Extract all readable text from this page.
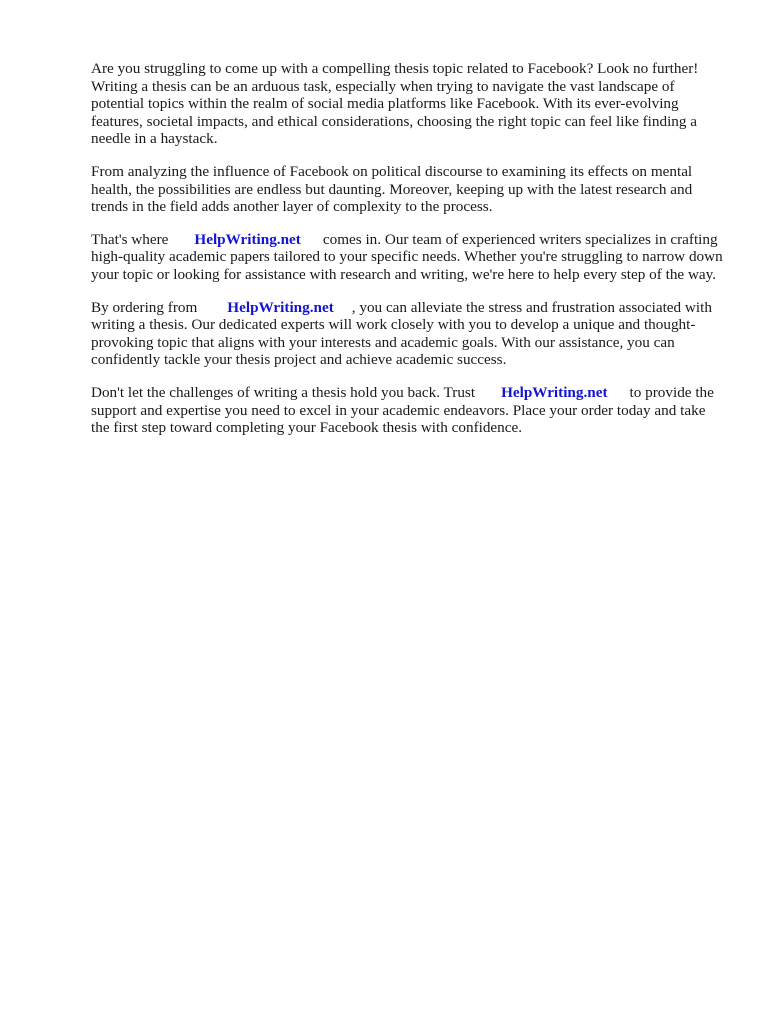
Are you struggling to come up with a compelling thesis topic related to Facebook? Look no further! Writing a thesis can be an arduous task, especially when trying to navigate the vast landscape of potential topics within the realm of social media platforms like Facebook. With its ever-evolving features, societal impacts, and ethical considerations, choosing the right topic can feel like finding a needle in a haystack.

From analyzing the influence of Facebook on political discourse to examining its effects on mental health, the possibilities are endless but daunting. Moreover, keeping up with the latest research and trends in the field adds another layer of complexity to the process.

That's where HelpWriting.net comes in. Our team of experienced writers specializes in crafting high-quality academic papers tailored to your specific needs. Whether you're struggling to narrow down your topic or looking for assistance with research and writing, we're here to help every step of the way.

By ordering from HelpWriting.net , you can alleviate the stress and frustration associated with writing a thesis. Our dedicated experts will work closely with you to develop a unique and thought-provoking topic that aligns with your interests and academic goals. With our assistance, you can confidently tackle your thesis project and achieve academic success.

Don't let the challenges of writing a thesis hold you back. Trust HelpWriting.net to provide the support and expertise you need to excel in your academic endeavors. Place your order today and take the first step toward completing your Facebook thesis with confidence.
